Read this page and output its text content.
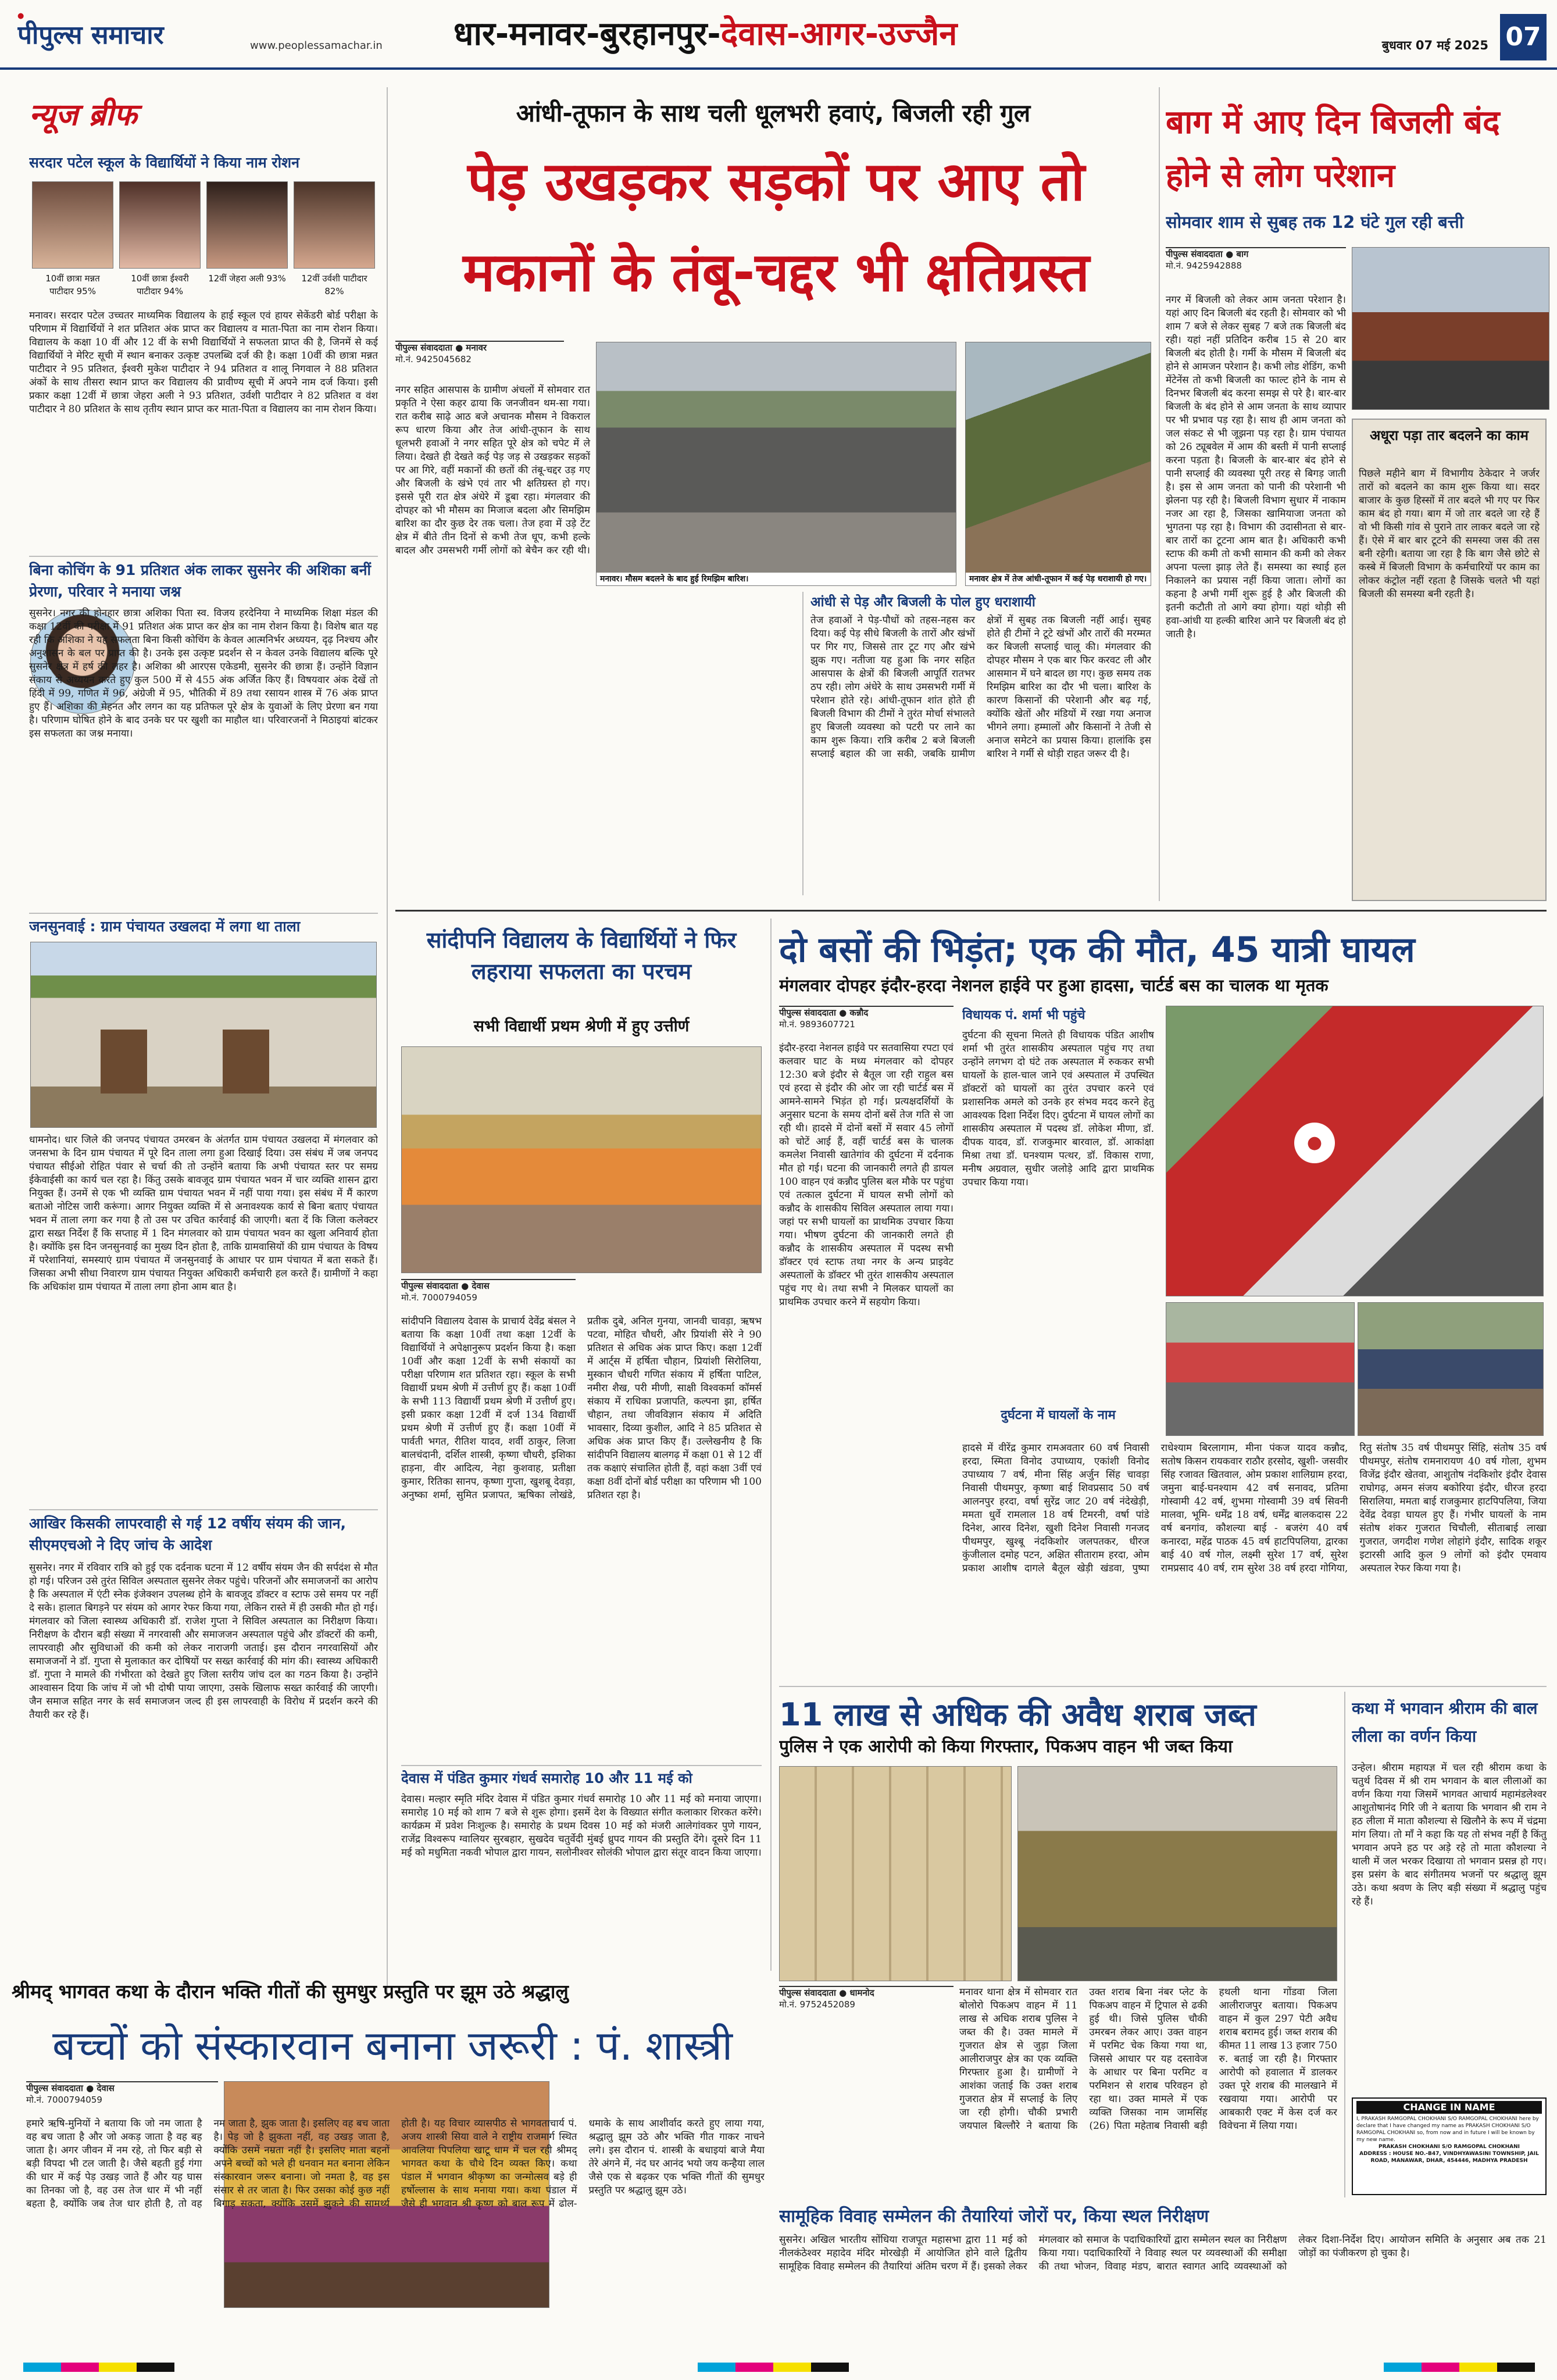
●
पीपुल्स समाचार	www.peoplessamachar.in	धार-मनावर-बुरहानपुर-देवास-आगर-उज्जैन	बुधवार 07 मई 2025 07
न्यूज ब्रीफ
सरदार पटेल स्कूल के विद्यार्थियों ने किया नाम रोशन
10वीं छात्रा मन्नत पाटीदार 95%
10वीं छात्रा ईश्वरी पाटीदार 94%
12वीं जेहरा अली 93%	12वीं उर्वशी पाटीदार 82%
मनावर। सरदार पटेल उच्चतर माध्यमिक विद्यालय के हाई स्कूल एवं हायर सेकेंडरी बोर्ड परीक्षा के परिणाम में विद्यार्थियों ने शत प्रतिशत अंक प्राप्त कर विद्यालय व माता-पिता का नाम रोशन किया। विद्यालय के कक्षा 10 वीं और 12 वीं के सभी विद्यार्थियों ने सफलता प्राप्त की है, जिनमें से कई विद्यार्थियों ने मेरिट सूची में स्थान बनाकर उत्कृष्ट उपलब्धि दर्ज की है। कक्षा 10वीं की छात्रा मन्नत पाटीदार ने 95 प्रतिशत, ईश्वरी मुकेश पाटीदार ने 94 प्रतिशत व शालू निगवाल ने 88 प्रतिशत अंकों के साथ तीसरा स्थान प्राप्त कर विद्यालय की प्रावीण्य सूची में अपने नाम दर्ज किया। इसी प्रकार कक्षा 12वीं में छात्रा जेहरा अली ने 93 प्रतिशत, उर्वशी पाटीदार ने 82 प्रतिशत व वंश पाटीदार ने 80 प्रतिशत के साथ तृतीय स्थान प्राप्त कर माता-पिता व विद्यालय का नाम रोशन किया।
बिना कोचिंग के 91 प्रतिशत अंक लाकर सुसनेर की अशिका बनीं प्रेरणा, परिवार ने मनाया जश्न
सुसनेर। नगर की होनहार छात्रा अशिका पिता स्व. विजय हरदेनिया ने माध्यमिक शिक्षा मंडल की कक्षा 12वीं की परीक्षा में 91 प्रतिशत अंक प्राप्त कर क्षेत्र का नाम रोशन किया है। विशेष बात यह रही कि अशिका ने यह सफलता बिना किसी कोचिंग के केवल आत्मनिर्भर अध्ययन, दृढ़ निश्चय और अनुशासन के बल पर प्राप्त की है। उनके इस उत्कृष्ट प्रदर्शन से न केवल उनके विद्यालय बल्कि पूरे सुसनेर क्षेत्र में हर्ष की लहर है। अशिका श्री आरएस एकेडमी, सुसनेर की छात्रा हैं। उन्होंने विज्ञान संकाय से अध्ययन करते हुए कुल 500 में से 455 अंक अर्जित किए हैं। विषयवार अंक देखें तो हिंदी में 99, गणित में 96, अंग्रेजी में 95, भौतिकी में 89 तथा रसायन शास्त्र में 76 अंक प्राप्त हुए हैं। अशिका की मेहनत और लगन का यह प्रतिफल पूरे क्षेत्र के युवाओं के लिए प्रेरणा बन गया है। परिणाम घोषित होने के बाद उनके घर पर खुशी का माहौल था। परिवारजनों ने मिठाइयां बांटकर इस सफलता का जश्न मनाया।
जनसुनवाई : ग्राम पंचायत उखलदा में लगा था ताला
धामनोद। धार जिले की जनपद पंचायत उमरबन के अंतर्गत ग्राम पंचायत उखलदा में मंगलवार को जनसभा के दिन ग्राम पंचायत में पूरे दिन ताला लगा हुआ दिखाई दिया। उस संबंध में जब जनपद पंचायत सीईओ रोहित पंवार से चर्चा की तो उन्होंने बताया कि अभी पंचायत स्तर पर समग्र ईकेवाईसी का कार्य चल रहा है। किंतु उसके बावजूद ग्राम पंचायत भवन में चार व्यक्ति शासन द्वारा नियुक्त हैं। उनमें से एक भी व्यक्ति ग्राम पंचायत भवन में नहीं पाया गया। इस संबंध में मैं कारण बताओ नोटिस जारी करूंगा। आगर नियुक्त व्यक्ति में से अनावश्यक कार्य से बिना बताए पंचायत भवन में ताला लगा कर गया है तो उस पर उचित कार्रवाई की जाएगी। बता दें कि जिला कलेक्टर द्वारा सख्त निर्देश हैं कि सप्ताह में 1 दिन मंगलवार को ग्राम पंचायत भवन का खुला अनिवार्य होता है। क्योंकि इस दिन जनसुनवाई का मुख्य दिन होता है, ताकि ग्रामवासियों की ग्राम पंचायत के विषय में परेशानियां, समस्याएं ग्राम पंचायत में जनसुनवाई के आधार पर ग्राम पंचायत में बता सकते हैं। जिसका अभी सीधा निवारण ग्राम पंचायत नियुक्त अधिकारी कर्मचारी हल करते हैं। ग्रामीणों ने कहा कि अधिकांश ग्राम पंचायत में ताला लगा होना आम बात है।
आखिर किसकी लापरवाही से गई 12 वर्षीय संयम की जान, सीएमएचओ ने दिए जांच के आदेश
सुसनेर। नगर में रविवार रात्रि को हुई एक दर्दनाक घटना में 12 वर्षीय संयम जैन की सर्पदंश से मौत हो गई। परिजन उसे तुरंत सिविल अस्पताल सुसनेर लेकर पहुंचे। परिजनों और समाजजनों का आरोप है कि अस्पताल में एंटी स्नेक इंजेक्शन उपलब्ध होने के बावजूद डॉक्टर व स्टाफ उसे समय पर नहीं दे सके। हालात बिगड़ने पर संयम को आगर रेफर किया गया, लेकिन रास्ते में ही उसकी मौत हो गई। मंगलवार को जिला स्वास्थ्य अधिकारी डॉ. राजेश गुप्ता ने सिविल अस्पताल का निरीक्षण किया। निरीक्षण के दौरान बड़ी संख्या में नगरवासी और समाजजन अस्पताल पहुंचे और डॉक्टरों की कमी, लापरवाही और सुविधाओं की कमी को लेकर नाराजगी जताई। इस दौरान नगरवासियों और समाजजनों ने डॉ. गुप्ता से मुलाकात कर दोषियों पर सख्त कार्रवाई की मांग की। स्वास्थ्य अधिकारी डॉ. गुप्ता ने मामले की गंभीरता को देखते हुए जिला स्तरीय जांच दल का गठन किया है। उन्होंने आश्वासन दिया कि जांच में जो भी दोषी पाया जाएगा, उसके खिलाफ सख्त कार्रवाई की जाएगी। जैन समाज सहित नगर के सर्व समाजजन जल्द ही इस लापरवाही के विरोध में प्रदर्शन करने की तैयारी कर रहे हैं।
आंधी-तूफान के साथ चली धूलभरी हवाएं, बिजली रही गुल
पेड़ उखड़कर सड़कों पर आए तो मकानों के तंबू-चद्दर भी क्षतिग्रस्त
पीपुल्स संवाददाता ● मनावर
मो.नं. 9425045682
नगर सहित आसपास के ग्रामीण अंचलों में सोमवार रात प्रकृति ने ऐसा कहर ढाया कि जनजीवन थम-सा गया। रात करीब साढ़े आठ बजे अचानक मौसम ने विकराल रूप धारण किया और तेज आंधी-तूफान के साथ धूलभरी हवाओं ने नगर सहित पूरे क्षेत्र को चपेट में ले लिया। देखते ही देखते कई पेड़ जड़ से उखड़कर सड़कों पर आ गिरे, वहीं मकानों की छतों की तंबू-चद्दर उड़ गए और बिजली के खंभे एवं तार भी क्षतिग्रस्त हो गए। इससे पूरी रात क्षेत्र अंधेरे में डूबा रहा। मंगलवार की दोपहर को भी मौसम का मिजाज बदला और सिमझिम बारिश का दौर कुछ देर तक चला। तेज हवा में उड़े टेंट क्षेत्र में बीते तीन दिनों से कभी तेज धूप, कभी हल्के बादल और उमसभरी गर्मी लोगों को बेचैन कर रही थी।
मनावर। मौसम बदलने के बाद हुई रिमझिम बारिश।	मनावर क्षेत्र में तेज आंधी-तूफान में कई पेड़ धराशायी हो गए।
आंधी से पेड़ और बिजली के पोल हुए धराशायी
तेज हवाओं ने पेड़-पौधों को तहस-नहस कर दिया। कई पेड़ सीधे बिजली के तारों और खंभों पर गिर गए, जिससे तार टूट गए और खंभे झुक गए। नतीजा यह हुआ कि नगर सहित आसपास के क्षेत्रों की बिजली आपूर्ति रातभर ठप रही। लोग अंधेरे के साथ उमसभरी गर्मी में परेशान होते रहे। आंधी-तूफान शांत होते ही बिजली विभाग की टीमों ने तुरंत मोर्चा संभालते हुए बिजली व्यवस्था को पटरी पर लाने का काम शुरू किया। रात्रि करीब 2 बजे बिजली सप्लाई बहाल की जा सकी, जबकि ग्रामीण क्षेत्रों में सुबह तक बिजली नहीं आई। सुबह होते ही टीमों ने टूटे खंभों और तारों की मरम्मत कर बिजली सप्लाई चालू की। मंगलवार की दोपहर मौसम ने एक बार फिर करवट ली और आसमान में घने बादल छा गए। कुछ समय तक रिमझिम बारिश का दौर भी चला। बारिश के कारण किसानों की परेशानी और बढ़ गई, क्योंकि खेतों और मंडियों में रखा गया अनाज भीगने लगा। हम्मालों और किसानों ने तेजी से अनाज समेटने का प्रयास किया। हालांकि इस बारिश ने गर्मी से थोड़ी राहत जरूर दी है।
बाग में आए दिन बिजली बंद होने से लोग परेशान
सोमवार शाम से सुबह तक 12 घंटे गुल रही बत्ती
पीपुल्स संवाददाता ● बाग
मो.नं. 9425942888
नगर में बिजली को लेकर आम जनता परेशान है। यहां आए दिन बिजली बंद रहती है। सोमवार को भी शाम 7 बजे से लेकर सुबह 7 बजे तक बिजली बंद रही। यहां नहीं प्रतिदिन करीब 15 से 20 बार बिजली बंद होती है। गर्मी के मौसम में बिजली बंद होने से आमजन परेशान है। कभी लोड शेडिंग, कभी मेंटेनेंस तो कभी बिजली का फाल्ट होने के नाम से दिनभर बिजली बंद करना समझ से परे है। बार-बार बिजली के बंद होने से आम जनता के साथ व्यापार पर भी प्रभाव पड़ रहा है। साथ ही आम जनता को जल संकट से भी जूझना पड़ रहा है। ग्राम पंचायत को 26 ट्यूबवेल में आम की बस्ती में पानी सप्लाई करना पड़ता है। बिजली के बार-बार बंद होने से पानी सप्लाई की व्यवस्था पूरी तरह से बिगड़ जाती है। इस से आम जनता को पानी की परेशानी भी झेलना पड़ रही है। बिजली विभाग सुधार में नाकाम नजर आ रहा है, जिसका खामियाजा जनता को भुगतना पड़ रहा है। विभाग की उदासीनता से बार-बार तारों का टूटना आम बात है। अधिकारी कभी स्टाफ की कमी तो कभी सामान की कमी को लेकर अपना पल्ला झाड़ लेते हैं। समस्या का स्थाई हल निकालने का प्रयास नहीं किया जाता। लोगों का कहना है अभी गर्मी शुरू हुई है और बिजली की इतनी कटौती तो आगे क्या होगा। यहां थोड़ी सी हवा-आंधी या हल्की बारिश आने पर बिजली बंद हो जाती है।
अधूरा पड़ा तार बदलने का काम
पिछले महीने बाग में विभागीय ठेकेदार ने जर्जर तारों को बदलने का काम शुरू किया था। सदर बाजार के कुछ हिस्सों में तार बदले भी गए पर फिर काम बंद हो गया। बाग में जो तार बदले जा रहे हैं वो भी किसी गांव से पुराने तार लाकर बदले जा रहे हैं। ऐसे में बार बार टूटने की समस्या जस की तस बनी रहेगी। बताया जा रहा है कि बाग जैसे छोटे से कस्बे में बिजली विभाग के कर्मचारियों पर काम का लोकर कंट्रोल नहीं रहता है जिसके चलते भी यहां बिजली की समस्या बनी रहती है।
सांदीपनि विद्यालय के विद्यार्थियों ने फिर लहराया सफलता का परचम
सभी विद्यार्थी प्रथम श्रेणी में हुए उत्तीर्ण
पीपुल्स संवाददाता ● देवास
मो.नं. 7000794059
सांदीपनि विद्यालय देवास के प्राचार्य देवेंद्र बंसल ने बताया कि कक्षा 10वीं तथा कक्षा 12वीं के विद्यार्थियों ने अपेक्षानुरूप प्रदर्शन किया है। कक्षा 10वीं और कक्षा 12वीं के सभी संकायों का परीक्षा परिणाम शत प्रतिशत रहा। स्कूल के सभी विद्यार्थी प्रथम श्रेणी में उत्तीर्ण हुए हैं। कक्षा 10वीं के सभी 113 विद्यार्थी प्रथम श्रेणी में उत्तीर्ण हुए। इसी प्रकार कक्षा 12वीं में दर्ज 134 विद्यार्थी प्रथम श्रेणी में उत्तीर्ण हुए हैं। कक्षा 10वीं में पार्वती भगत, रीतिश यादव, शर्वी ठाकुर, लिजा बालचंदानी, दर्शिल शास्त्री, कृष्णा चौधरी, इशिका हाड़ना, वीर आदित्य, नेहा कुशवाह, प्रतीक्षा कुमार, रितिका सानप, कृष्णा गुप्ता, खुशबू देवड़ा, अनुष्का शर्मा, सुमित प्रजापत, ऋषिका लोखंडे, प्रतीक दुबे, अनिल गुनया, जानवी चावड़ा, ऋषभ पटवा, मोहित चौधरी, और प्रियांशी सेरे ने 90 प्रतिशत से अधिक अंक प्राप्त किए। कक्षा 12वीं में आर्ट्स में हर्षिता चौहान, प्रियांशी सिरोलिया, मुस्कान चौधरी गणित संकाय में हर्षिता पाटिल, नमीरा शैख, परी मीणी, साक्षी विश्वकर्मा कॉमर्स संकाय में राधिका प्रजापति, कल्पना झा, हर्षित चौहान, तथा जीवविज्ञान संकाय में अदिति भावसार, दिव्या कुशील, आदि ने 85 प्रतिशत से अधिक अंक प्राप्त किए हैं। उल्लेखनीय है कि सांदीपनि विद्यालय बालगढ़ में कक्षा 01 से 12 वीं तक कक्षाएं संचालित होती हैं, वहां कक्षा 3वीं एवं कक्षा 8वीं दोनों बोर्ड परीक्षा का परिणाम भी 100 प्रतिशत रहा है।
देवास में पंडित कुमार गंधर्व समारोह 10 और 11 मई को
देवास। मल्हार स्मृति मंदिर देवास में पंडित कुमार गंधर्व समारोह 10 और 11 मई को मनाया जाएगा। समारोह 10 मई को शाम 7 बजे से शुरू होगा। इसमें देश के विख्यात संगीत कलाकार शिरकत करेंगे। कार्यक्रम में प्रवेश निःशुल्क है। समारोह के प्रथम दिवस 10 मई को मंजरी आलेगांवकर पुणे गायन, राजेंद्र विश्वरूप ग्वालियर सुरबहार, सुखदेव चतुर्वेदी मुंबई ध्रुपद गायन की प्रस्तुति देंगे। दूसरे दिन 11 मई को मधुमिता नकवी भोपाल द्वारा गायन, सलोनीश्वर सोलंकी भोपाल द्वारा संतूर वादन किया जाएगा।
दो बसों की भिड़ंत; एक की मौत, 45 यात्री घायल
मंगलवार दोपहर इंदौर-हरदा नेशनल हाईवे पर हुआ हादसा, चार्टर्ड बस का चालक था मृतक
पीपुल्स संवाददाता ● कन्नौद
मो.नं. 9893607721
इंदौर-हरदा नेशनल हाईवे पर सतवासिया रपटा एवं कलवार घाट के मध्य मंगलवार को दोपहर 12:30 बजे इंदौर से बैतूल जा रही राहुल बस एवं हरदा से इंदौर की ओर जा रही चार्टर्ड बस में आमने-सामने भिड़ंत हो गई। प्रत्यक्षदर्शियों के अनुसार घटना के समय दोनों बसें तेज गति से जा रही थी। हादसे में दोनों बसों में सवार 45 लोगों को चोटें आई हैं, वहीं चार्टर्ड बस के चालक कमलेश निवासी खातेगांव की दुर्घटना में दर्दनाक मौत हो गई। घटना की जानकारी लगते ही डायल 100 वाहन एवं कन्नौद पुलिस बल मौके पर पहुंचा एवं तत्काल दुर्घटना में घायल सभी लोगों को कन्नौद के शासकीय सिविल अस्पताल लाया गया। जहां पर सभी घायलों का प्राथमिक उपचार किया गया। भीषण दुर्घटना की जानकारी लगते ही कन्नौद के शासकीय अस्पताल में पदस्थ सभी डॉक्टर एवं स्टाफ तथा नगर के अन्य प्राइवेट अस्पतालों के डॉक्टर भी तुरंत शासकीय अस्पताल पहुंच गए थे। तथा सभी ने मिलकर घायलों का प्राथमिक उपचार करने में सहयोग किया।
विधायक पं. शर्मा भी पहुंचे
दुर्घटना की सूचना मिलते ही विधायक पंडित आशीष शर्मा भी तुरंत शासकीय अस्पताल पहुंच गए तथा उन्होंने लगभग दो घंटे तक अस्पताल में रुककर सभी घायलों के हाल-चाल जाने एवं अस्पताल में उपस्थित डॉक्टरों को घायलों का तुरंत उपचार करने एवं प्रशासनिक अमले को उनके हर संभव मदद करने हेतु आवश्यक दिशा निर्देश दिए। दुर्घटना में घायल लोगों का शासकीय अस्पताल में पदस्थ डॉ. लोकेश मीणा, डॉ. दीपक यादव, डॉ. राजकुमार बारवाल, डॉ. आकांक्षा मिश्रा तथा डॉ. घनश्याम पत्थर, डॉ. विकास राणा, मनीष अग्रवाल, सुधीर जलोड़े आदि द्वारा प्राथमिक उपचार किया गया।
दुर्घटना में घायलों के नाम
●
हादसे में वीरेंद्र कुमार रामअवतार 60 वर्ष निवासी हरदा, स्मिता विनोद उपाध्याय, एकांशी विनोद उपाध्याय 7 वर्ष, मीना सिंह अर्जुन सिंह चावड़ा निवासी पीथमपुर, कृष्णा बाई शिवप्रसाद 50 वर्ष आलनपुर हरदा, वर्षा सुरेंद्र जाट 20 वर्ष नंदेखेड़ी, ममता धुर्वे रामलाल 18 वर्ष टिमरनी, वर्षा पांडे दिनेश, आरव दिनेश, खुशी दिनेश निवासी गनजद पीथमपुर, खुश्बू नंदकिशोर जलपतकर, धीरज कुंजीलाल दमोह पटन, अक्षित सीताराम हरदा, ओम प्रकाश आशीष दागले बैतूल खेड़ी खंडवा, पुष्पा राधेश्याम बिरलागाम, मीना पंकज यादव कन्नौद, सतोष किसन रायकवार राठौर हरसोद, खुशी- जसवीर सिंह रजावत खितवाल, ओम प्रकाश शालिग्राम हरदा, जमुना बाई-घनश्याम 42 वर्ष सनावद, प्रतिमा गोस्वामी 42 वर्ष, शुभमा गोस्वामी 39 वर्ष सिवनी मालवा, भूमि- धर्मेंद्र 18 वर्ष, धर्मेंद्र बालकदास 22 वर्ष बनगांव, कौशल्या बाई - बजरंग 40 वर्ष कनारदा, महेंद्र पाठक 45 वर्ष हाटपिपलिया, द्वारका बाई 40 वर्ष गोल, लक्ष्मी सुरेश 17 वर्ष, सुरेश रामप्रसाद 40 वर्ष, राम सुरेश 38 वर्ष हरदा गोगिया, रितु संतोष 35 वर्ष पीथमपुर सिंहि, संतोष 35 वर्ष पीथमपुर, संतोष रामनारायण 40 वर्ष गोला, शुभम विजेंद्र इंदौर खेतवा, आशुतोष नंदकिशोर इंदौर देवास राघोगढ़, अमन संजय बकोरिया इंदौर, धीरज हरदा सिरालिया, ममता बाई राजकुमार हाटपिपलिया, जिया देवेंद्र देवड़ा घायल हुए हैं। गंभीर घायलों के नाम संतोष शंकर गुजरात चिचौली, सीताबाई लाखा गुजरात, जगदीश गणेश लोहांगे इंदौर, सादिक शकूर इटारसी आदि कुल 9 लोगों को इंदौर एमवाय अस्पताल रेफर किया गया है।
11 लाख से अधिक की अवैध शराब जब्त
पुलिस ने एक आरोपी को किया गिरफ्तार, पिकअप वाहन भी जब्त किया
पीपुल्स संवाददाता ● धामनोद
मो.नं. 9752452089
मनावर थाना क्षेत्र में सोमवार रात बोलोरो पिकअप वाहन में 11 लाख से अधिक शराब पुलिस ने जब्त की है। उक्त मामले में गुजरात क्षेत्र से जुड़ा जिला आलीराजपुर क्षेत्र का एक व्यक्ति गिरफ्तार हुआ है। ग्रामीणों ने आशंका जताई कि उक्त शराब गुजरात क्षेत्र में सप्लाई के लिए जा रही होगी। चौकी प्रभारी जयपाल बिल्लौरे ने बताया कि उक्त शराब बिना नंबर प्लेट के पिकअप वाहन में ट्रिपाल से ढकी हुई थी। जिसे पुलिस चौकी उमरबन लेकर आए। उक्त वाहन में परमिट चेक किया गया था, जिससे आधार पर यह दस्तावेज के आधार पर बिना परमिट व परमिशन से शराब परिवहन हो रहा था। उक्त मामले में एक व्यक्ति जिसका नाम जामसिंह (26) पिता महेताब निवासी बड़ी हथली थाना गोंडवा जिला आलीराजपुर बताया। पिकअप वाहन में कुल 297 पेटी अवैध शराब बरामद हुई। जब्त शराब की कीमत 11 लाख 13 हजार 750 रु. बताई जा रही है। गिरफ्तार आरोपी को हवालात में डालकर उक्त पूरे शराब की मालखाने में रखवाया गया। आरोपी पर आबकारी एक्ट में केस दर्ज कर विवेचना में लिया गया।
कथा में भगवान श्रीराम की बाल लीला का वर्णन किया
उन्हेल। श्रीराम महायज्ञ में चल रही श्रीराम कथा के चतुर्थ दिवस में श्री राम भगवान के बाल लीलाओं का वर्णन किया गया जिसमें भागवत आचार्य महामंडलेश्वर आशुतोषानंद गिरि जी ने बताया कि भगवान श्री राम ने हठ लीला में माता कौशल्या से खिलौने के रूप में चंद्रमा मांग लिया। तो माँ ने कहा कि यह तो संभव नहीं है किंतु भगवान अपने हठ पर अड़े रहे तो माता कौशल्या ने थाली में जल भरकर दिखाया तो भगवान प्रसन्न हो गए। इस प्रसंग के बाद संगीतमय भजनों पर श्रद्धालु झूम उठे। कथा श्रवण के लिए बड़ी संख्या में श्रद्धालु पहुंच रहे हैं।
CHANGE IN NAME
I, PRAKASH RAMGOPAL CHOKHANI S/O RAMGOPAL CHOKHANI here by declare that I have changed my name as PRAKASH CHOKHANI S/O RAMGOPAL CHOKHANI so, from now and in future I will be known by my new name.
PRAKASH CHOKHANI S/O RAMGOPAL CHOKHANI
ADDRESS : HOUSE NO.-B47, VINDHYAWASINI TOWNSHIP, JAIL ROAD, MANAWAR, DHAR, 454446, MADHYA PRADESH
श्रीमद् भागवत कथा के दौरान भक्ति गीतों की सुमधुर प्रस्तुति पर झूम उठे श्रद्धालु
बच्चों को संस्कारवान बनाना जरूरी : पं. शास्त्री
पीपुल्स संवाददाता ● देवास
मो.नं. 7000794059
हमारे ऋषि-मुनियों ने बताया कि जो नम जाता है वह बच जाता है और जो अकड़ जाता है वह बह जाता है। अगर जीवन में नम रहे, तो फिर बड़ी से बड़ी विपदा भी टल जाती है। जैसे बहती हुई गंगा की धार में कई पेड़ उखड़ जाते हैं और यह घास का तिनका जो है, वह उस तेज धार में भी नहीं बहता है, क्योंकि जब तेज धार होती है, तो वह नम जाता है, झुक जाता है। इसलिए वह बच जाता है। पेड़ जो है झुकता नहीं, वह उखड़ जाता है, क्योंकि उसमें नम्रता नहीं है। इसलिए माता बहनों अपने बच्चों को भले ही धनवान मत बनाना लेकिन संस्कारवान जरूर बनाना। जो नमता है, वह इस संसार से तर जाता है। फिर उसका कोई कुछ नहीं बिगाड़ सकता, क्योंकि उसमें झुकने की सामर्थ्य होती है। यह विचार व्यासपीठ से भागवताचार्य पं. अजय शास्त्री सिया वाले ने राष्ट्रीय राजमार्ग स्थित आवलिया पिपलिया खाटू धाम में चल रही श्रीमद् भागवत कथा के चौथे दिन व्यक्त किए। कथा पंडाल में भगवान श्रीकृष्ण का जन्मोत्सव बड़े ही हर्षोल्लास के साथ मनाया गया। कथा पंडाल में जैसे ही भगवान श्री कृष्ण को बाल रूप में ढोल-धमाके के साथ आशीर्वाद करते हुए लाया गया, श्रद्धालु झूम उठे और भक्ति गीत गाकर नाचने लगे। इस दौरान पं. शास्त्री के बधाइयां बाजे मैया तेरे अंगने में, नंद घर आनंद भयो जय कन्हैया लाल जैसे एक से बढ़कर एक भक्ति गीतों की सुमधुर प्रस्तुति पर श्रद्धालु झूम उठे।
सामूहिक विवाह सम्मेलन की तैयारियां जोरों पर, किया स्थल निरीक्षण
सुसनेर। अखिल भारतीय सोंधिया राजपूत महासभा द्वारा 11 मई को नीलकंठेश्वर महादेव मंदिर मोरखेड़ी में आयोजित होने वाले द्वितीय सामूहिक विवाह सम्मेलन की तैयारियां अंतिम चरण में हैं। इसको लेकर मंगलवार को समाज के पदाधिकारियों द्वारा सम्मेलन स्थल का निरीक्षण किया गया। पदाधिकारियों ने विवाह स्थल पर व्यवस्थाओं की समीक्षा की तथा भोजन, विवाह मंडप, बारात स्वागत आदि व्यवस्थाओं को लेकर दिशा-निर्देश दिए। आयोजन समिति के अनुसार अब तक 21 जोड़ों का पंजीकरण हो चुका है।
